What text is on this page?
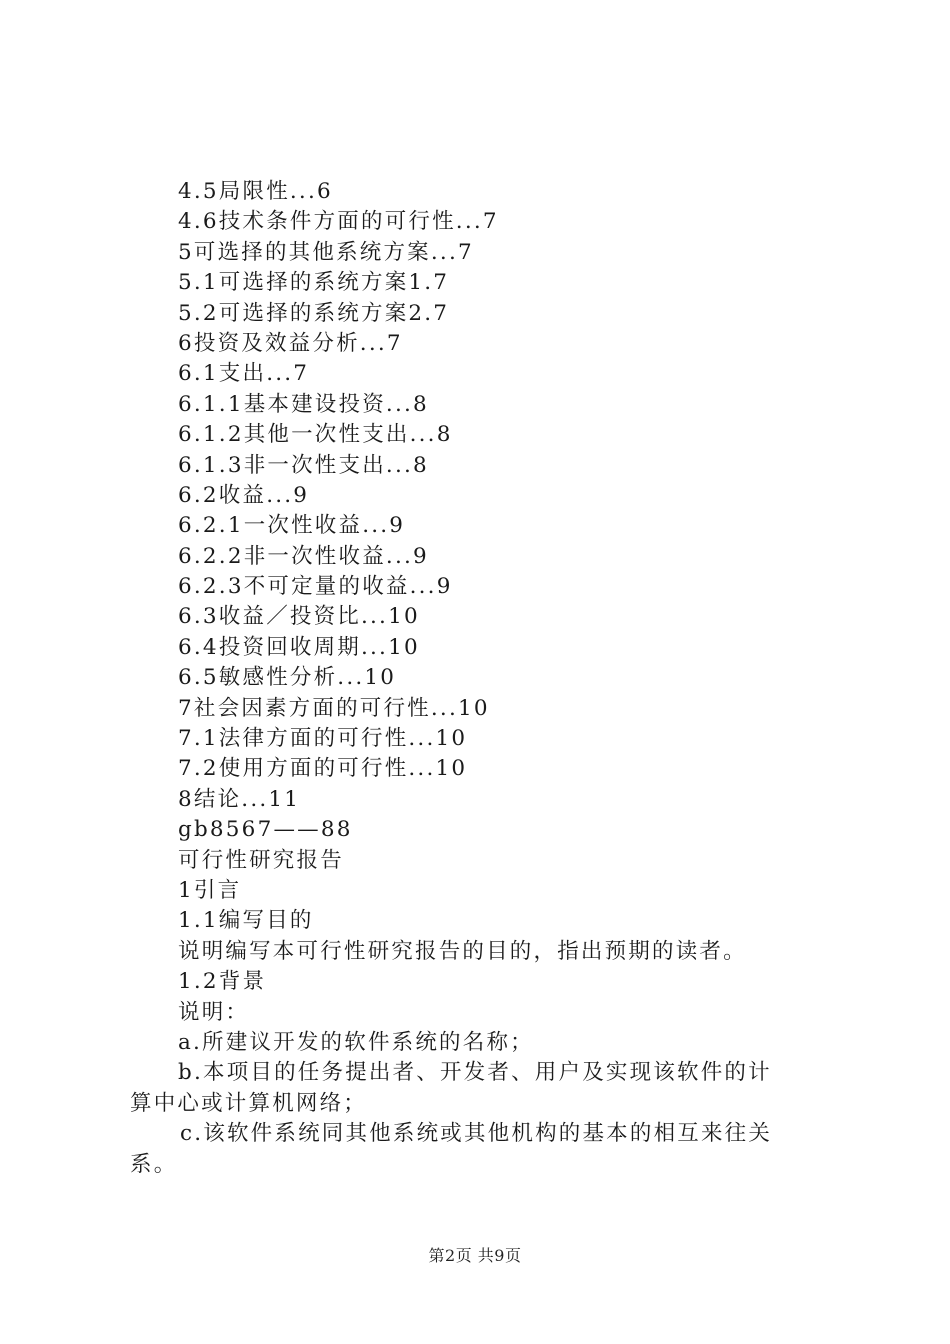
4.5局限性...6
4.6技术条件方面的可行性...7
5可选择的其他系统方案...7
5.1可选择的系统方案1.7
5.2可选择的系统方案2.7
6投资及效益分析...7
6.1支出...7
6.1.1基本建设投资...8
6.1.2其他一次性支出...8
6.1.3非一次性支出...8
6.2收益...9
6.2.1一次性收益...9
6.2.2非一次性收益...9
6.2.3不可定量的收益...9
6.3收益／投资比...10
6.4投资回收周期...10
6.5敏感性分析...10
7社会因素方面的可行性...10
7.1法律方面的可行性...10
7.2使用方面的可行性...10
8结论...11
gb8567——88
可行性研究报告
1引言
1.1编写目的
说明编写本可行性研究报告的目的，指出预期的读者。
1.2背景
说明：
a.所建议开发的软件系统的名称；
b.本项目的任务提出者、开发者、用户及实现该软件的计
算中心或计算机网络；
c.该软件系统同其他系统或其他机构的基本的相互来往关
系。
第2页 共9页
